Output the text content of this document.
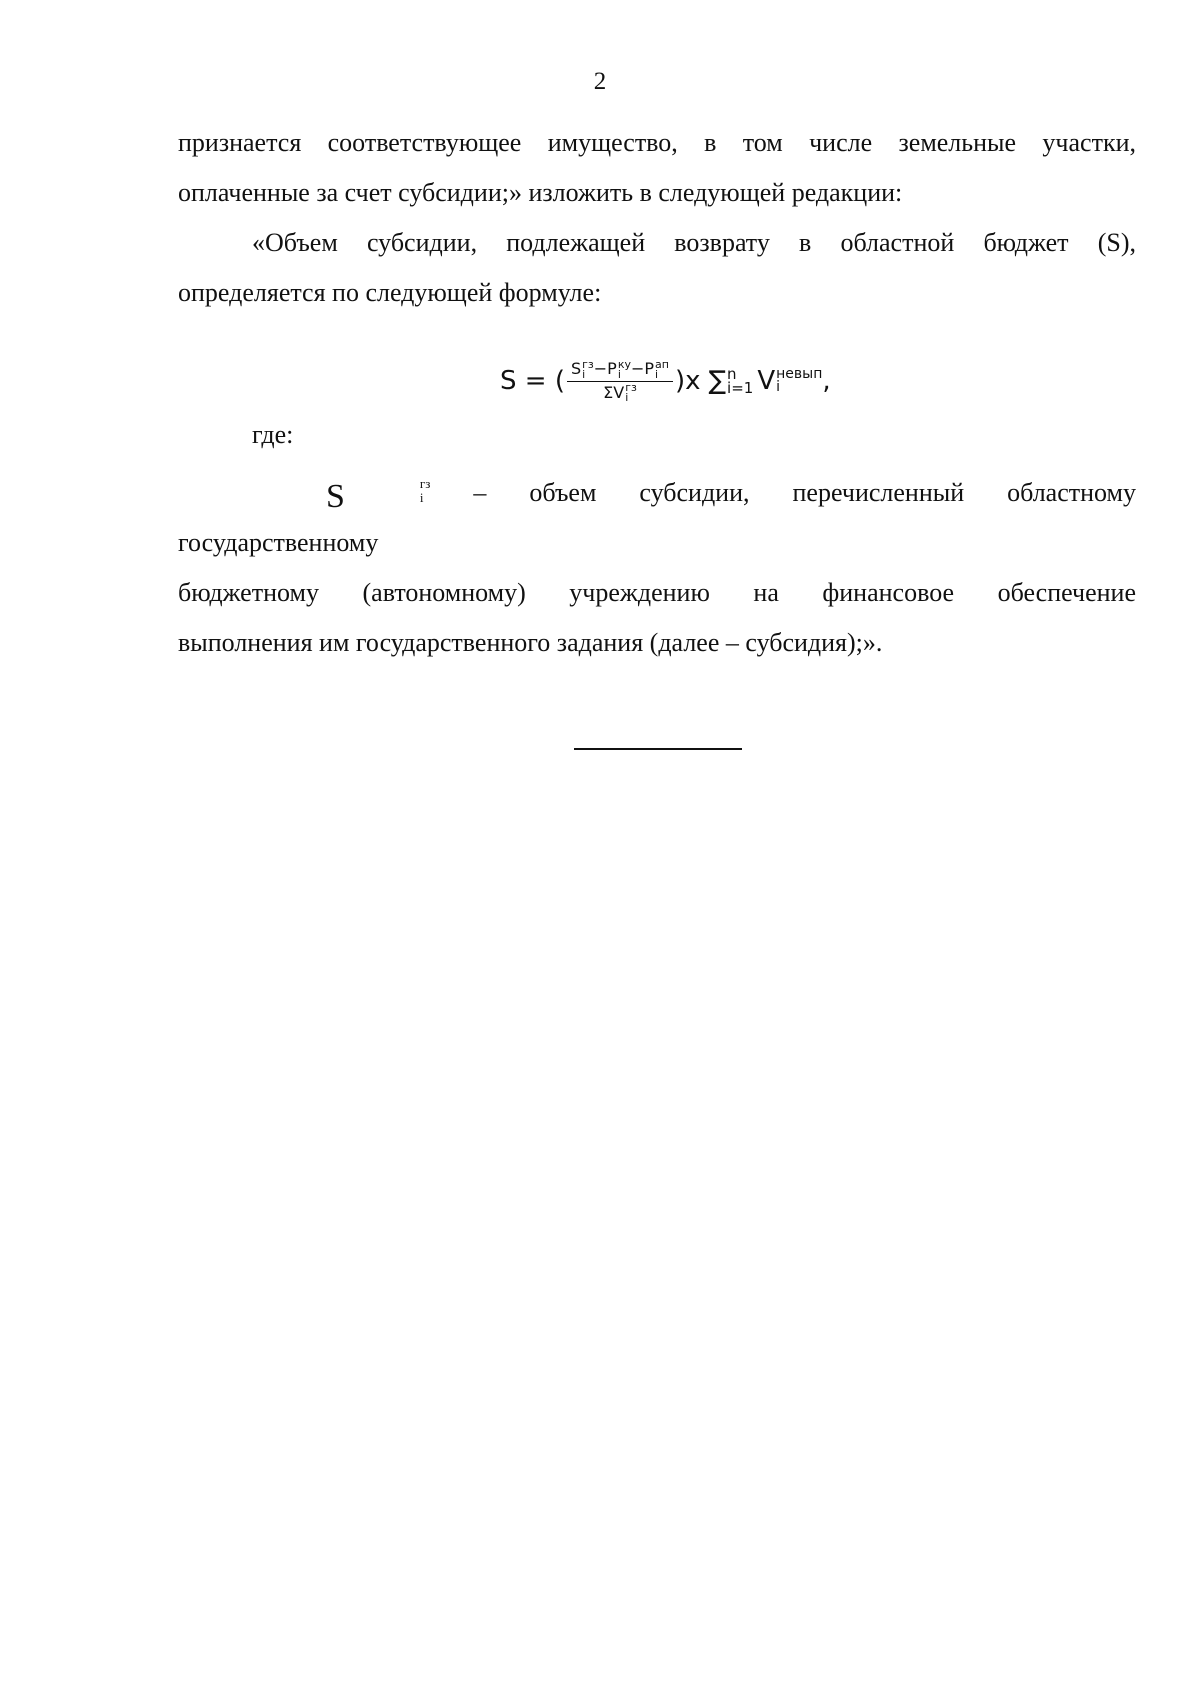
2

признается соответствующее имущество, в том числе земельные участки,

оплаченные за счет субсидии;» изложить в следующей редакции:

«Объем субсидии, подлежащей возврату в областной бюджет (S),

определяется по следующей формуле:

S = ( S гз
i −P ку
i −P ап
i
ΣV гз
i )x ∑ n
i=1 V невып
i	,
где:

S	гз
i – объем субсидии, перечисленный областному государственному

бюджетному (автономному) учреждению на финансовое обеспечение

выполнения им государственного задания (далее – субсидия);».
